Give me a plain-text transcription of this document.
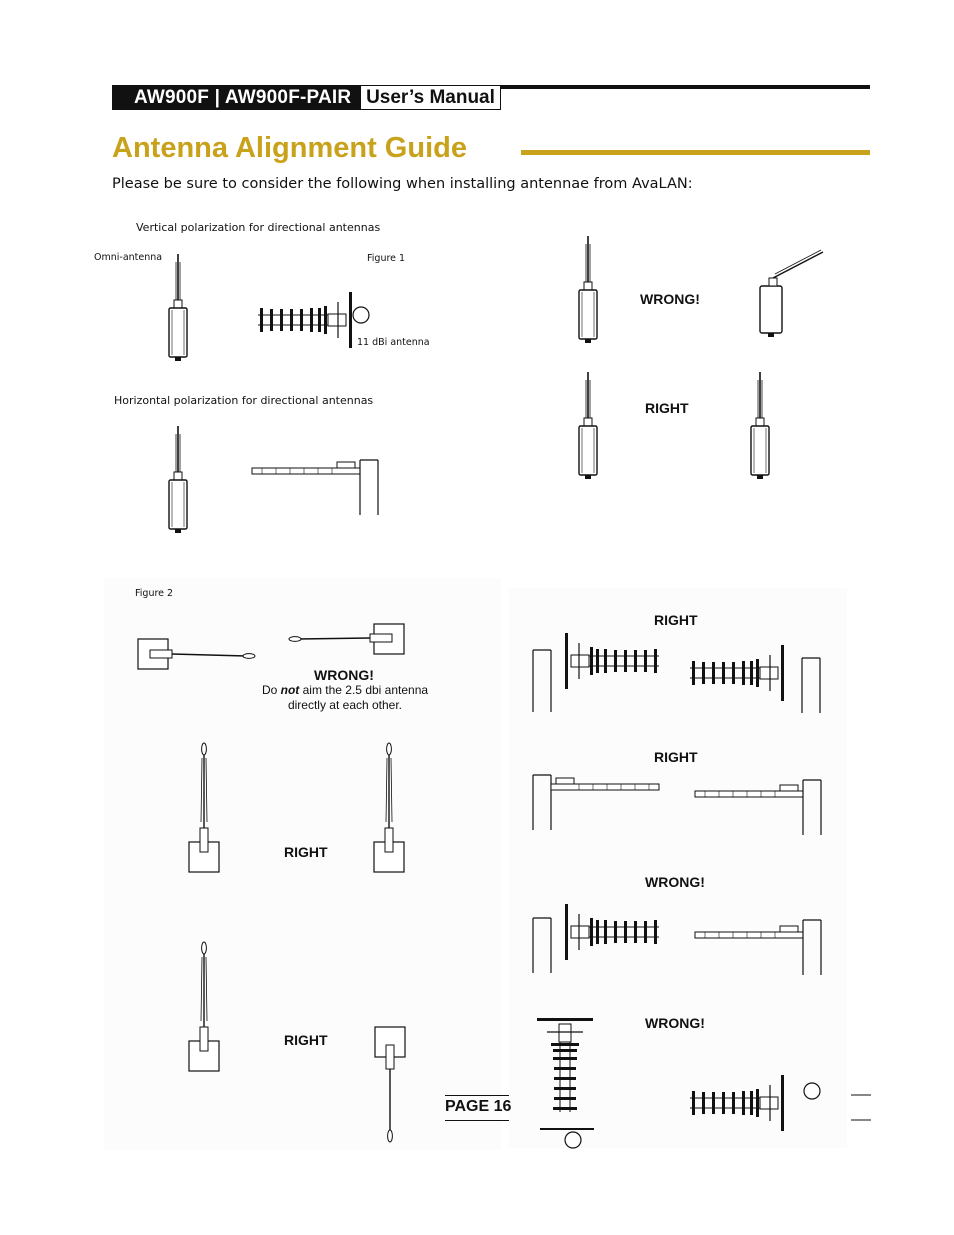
AW900F | AW900F-PAIR User’s Manual
Antenna Alignment Guide
Please be sure to consider the following when installing antennae from AvaLAN:
Vertical polarization for directional antennas
Omni-antenna	Figure 1
11 dBi antenna
Horizontal polarization for directional antennas
WRONG!
RIGHT
Figure 2
WRONG!
Do not aim the 2.5 dbi antenna
directly at each other.
RIGHT
RIGHT
RIGHT
RIGHT
WRONG!
WRONG!
PAGE 16
